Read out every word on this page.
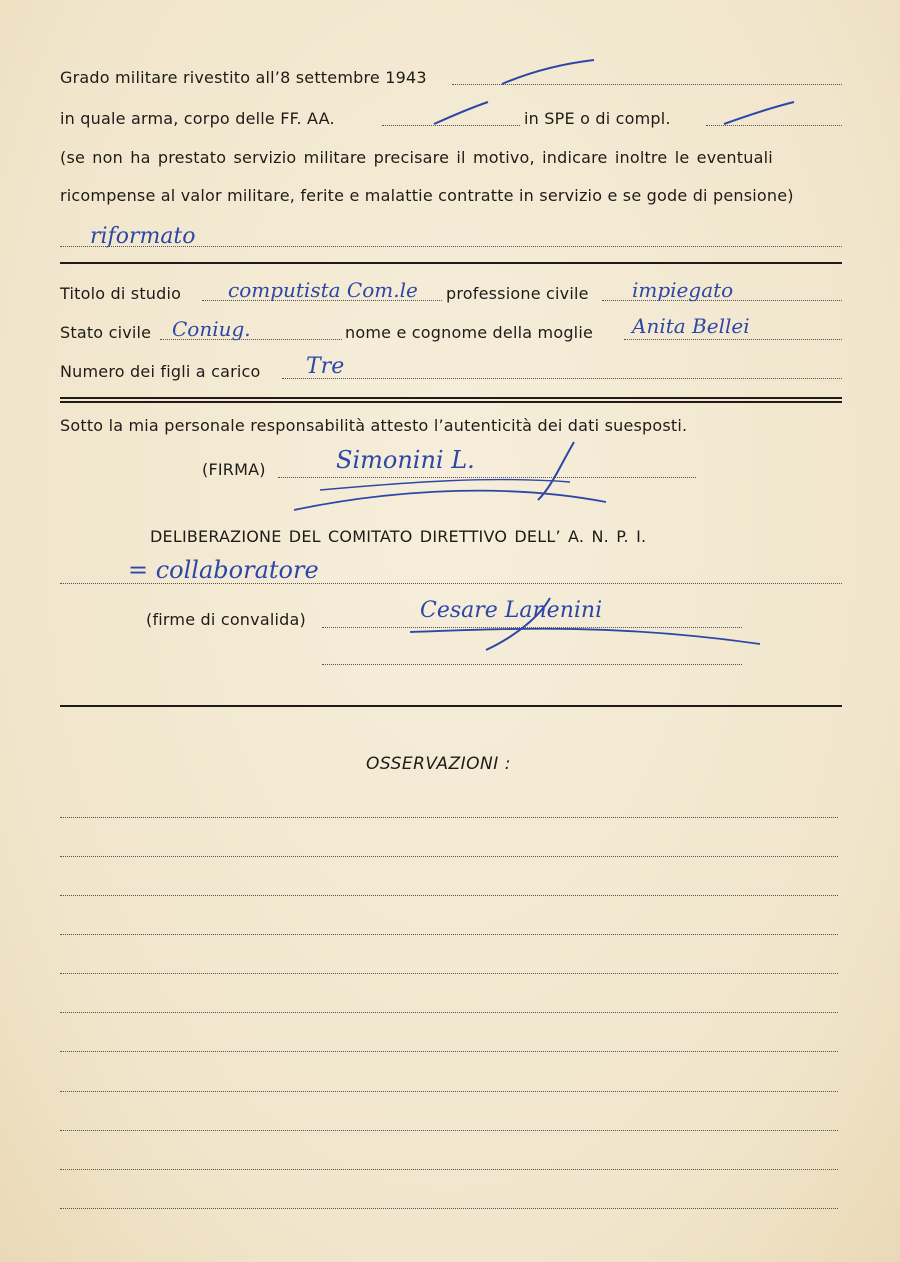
Grado militare rivestito all’8 settembre 1943
in quale arma, corpo delle FF. AA.	in SPE o di compl.
(se non ha prestato servizio militare precisare il motivo, indicare inoltre le eventuali
ricompense al valor militare, ferite e malattie contratte in servizio e se gode di pensione)
riformato
Titolo di studio computista Com.le professione civile impiegato
Stato civile Coniug.	nome e cognome della moglie Anita Bellei
Numero dei figli a carico Tre
Sotto la mia personale responsabilità attesto l’autenticità dei dati suesposti.
(FIRMA)	Simonini L.
DELIBERAZIONE DEL COMITATO DIRETTIVO DELL’ A. N. P. I.
= collaboratore
(firme di convalida)	Cesare Lanenini
OSSERVAZIONI :
